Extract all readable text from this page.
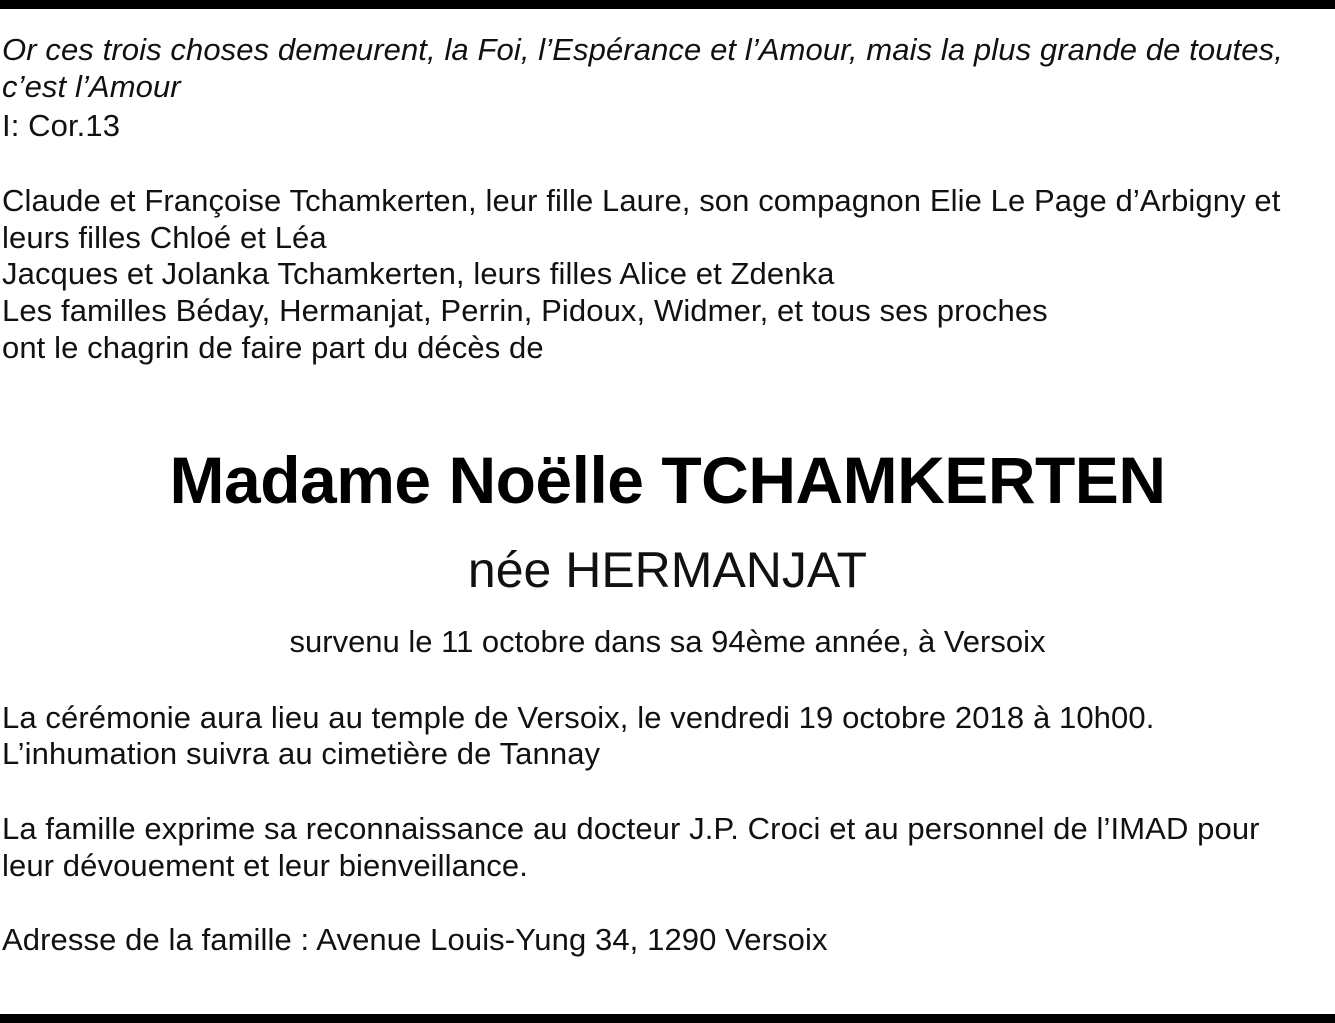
Or ces trois choses demeurent, la Foi, l’Espérance et l’Amour, mais la plus grande de toutes,
c’est l’Amour
I: Cor.13
Claude et Françoise Tchamkerten, leur fille Laure, son compagnon Elie Le Page d’Arbigny et
leurs filles Chloé et Léa
Jacques et Jolanka Tchamkerten, leurs filles Alice et Zdenka
Les familles Béday, Hermanjat, Perrin, Pidoux, Widmer, et tous ses proches
ont le chagrin de faire part du décès de
Madame Noëlle TCHAMKERTEN
née HERMANJAT
survenu le 11 octobre dans sa 94ème année, à Versoix
La cérémonie aura lieu au temple de Versoix, le vendredi 19 octobre 2018 à 10h00.
L’inhumation suivra au cimetière de Tannay
La famille exprime sa reconnaissance au docteur J.P. Croci et au personnel de l’IMAD pour
leur dévouement et leur bienveillance.
Adresse de la famille : Avenue Louis-Yung 34, 1290 Versoix
